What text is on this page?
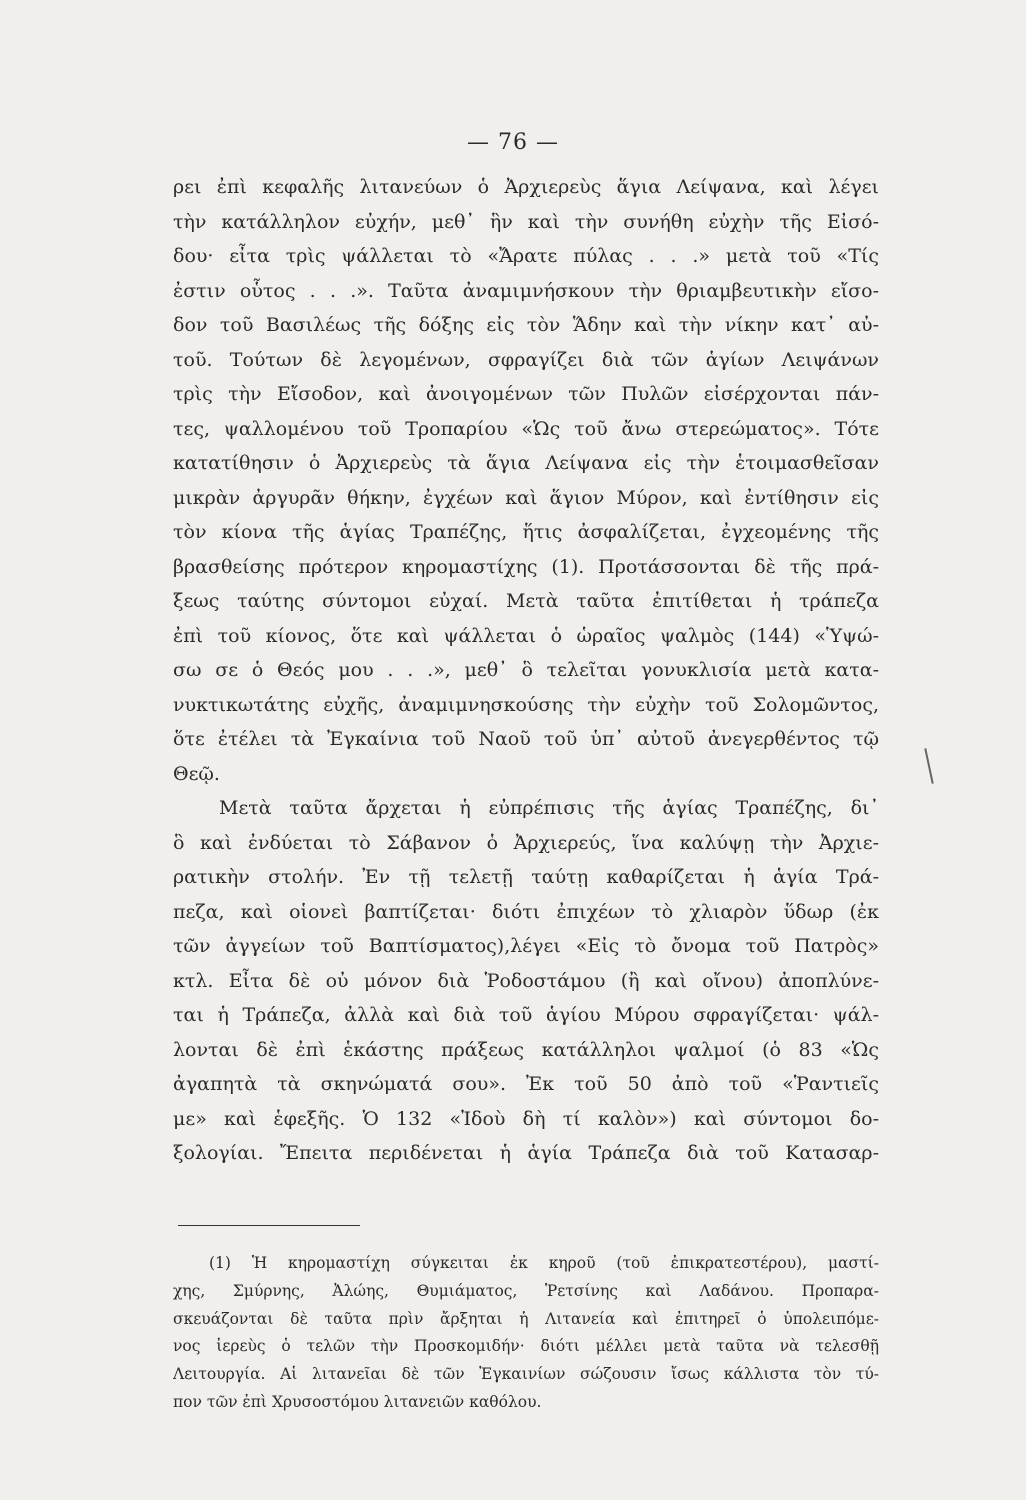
— 76 —
ρει ἐπὶ κεφαλῆς λιτανεύων ὁ Ἀρχιερεὺς ἅγια Λείψανα, καὶ λέγει
τὴν κατάλληλον εὐχήν, μεθ᾽ ἣν καὶ τὴν συνήθη εὐχὴν τῆς Εἰσό-
δου· εἶτα τρὶς ψάλλεται τὸ «Ἄρατε πύλας . . .» μετὰ τοῦ «Τίς
ἐστιν οὗτος . . .». Ταῦτα ἀναμιμνήσκουν τὴν θριαμβευτικὴν εἴσο-
δον τοῦ Βασιλέως τῆς δόξης εἰς τὸν Ἅδην καὶ τὴν νίκην κατ᾽ αὐ-
τοῦ. Τούτων δὲ λεγομένων, σφραγίζει διὰ τῶν ἁγίων Λειψάνων
τρὶς τὴν Εἴσοδον, καὶ ἀνοιγομένων τῶν Πυλῶν εἰσέρχονται πάν-
τες, ψαλλομένου τοῦ Τροπαρίου «Ὡς τοῦ ἄνω στερεώματος». Τότε
κατατίθησιν ὁ Ἀρχιερεὺς τὰ ἅγια Λείψανα εἰς τὴν ἑτοιμασθεῖσαν
μικρὰν ἀργυρᾶν θήκην, ἐγχέων καὶ ἅγιον Μύρον, καὶ ἐντίθησιν εἰς
τὸν κίονα τῆς ἁγίας Τραπέζης, ἥτις ἀσφαλίζεται, ἐγχεομένης τῆς
βρασθείσης πρότερον κηρομαστίχης (1). Προτάσσονται δὲ τῆς πρά-
ξεως ταύτης σύντομοι εὐχαί. Μετὰ ταῦτα ἐπιτίθεται ἡ τράπεζα
ἐπὶ τοῦ κίονος, ὅτε καὶ ψάλλεται ὁ ὡραῖος ψαλμὸς (144) «Ὑψώ-
σω σε ὁ Θεός μου . . .», μεθ᾽ ὃ τελεῖται γονυκλισία μετὰ κατα-
νυκτικωτάτης εὐχῆς, ἀναμιμνησκούσης τὴν εὐχὴν τοῦ Σολομῶντος,
ὅτε ἐτέλει τὰ Ἐγκαίνια τοῦ Ναοῦ τοῦ ὑπ᾽ αὐτοῦ ἀνεγερθέντος τῷ
Θεῷ.
Μετὰ ταῦτα ἄρχεται ἡ εὐπρέπισις τῆς ἁγίας Τραπέζης, δι᾽
ὃ καὶ ἐνδύεται τὸ Σάβανον ὁ Ἀρχιερεύς, ἵνα καλύψῃ τὴν Ἀρχιε-
ρατικὴν στολήν. Ἐν τῇ τελετῇ ταύτῃ καθαρίζεται ἡ ἁγία Τρά-
πεζα, καὶ οἱονεὶ βαπτίζεται· διότι ἐπιχέων τὸ χλιαρὸν ὕδωρ (ἐκ
τῶν ἀγγείων τοῦ Βαπτίσματος),λέγει «Εἰς τὸ ὄνομα τοῦ Πατρὸς»
κτλ. Εἶτα δὲ οὐ μόνον διὰ Ῥοδοστάμου (ἢ καὶ οἴνου) ἀποπλύνε-
ται ἡ Τράπεζα, ἀλλὰ καὶ διὰ τοῦ ἁγίου Μύρου σφραγίζεται· ψάλ-
λονται δὲ ἐπὶ ἑκάστης πράξεως κατάλληλοι ψαλμοί (ὁ 83 «Ὡς
ἀγαπητὰ τὰ σκηνώματά σου». Ἐκ τοῦ 50 ἀπὸ τοῦ «Ῥαντιεῖς
με» καὶ ἑφεξῆς. Ὁ 132 «Ἰδοὺ δὴ τί καλὸν») καὶ σύντομοι δο-
ξολογίαι. Ἔπειτα περιδένεται ἡ ἁγία Τράπεζα διὰ τοῦ Κατασαρ-
(1) Ἡ κηρομαστίχη σύγκειται ἐκ κηροῦ (τοῦ ἐπικρατεστέρου), μαστί-
χης, Σμύρνης, Ἀλώης, Θυμιάματος, Ῥετσίνης καὶ Λαδάνου. Προπαρα-
σκευάζονται δὲ ταῦτα πρὶν ἄρξηται ἡ Λιτανεία καὶ ἐπιτηρεῖ ὁ ὑπολειπόμε-
νος ἱερεὺς ὁ τελῶν τὴν Προσκομιδήν· διότι μέλλει μετὰ ταῦτα νὰ τελεσθῇ
Λειτουργία. Αἱ λιτανεῖαι δὲ τῶν Ἐγκαινίων σώζουσιν ἴσως κάλλιστα τὸν τύ-
πον τῶν ἐπὶ Χρυσοστόμου λιτανειῶν καθόλου.
